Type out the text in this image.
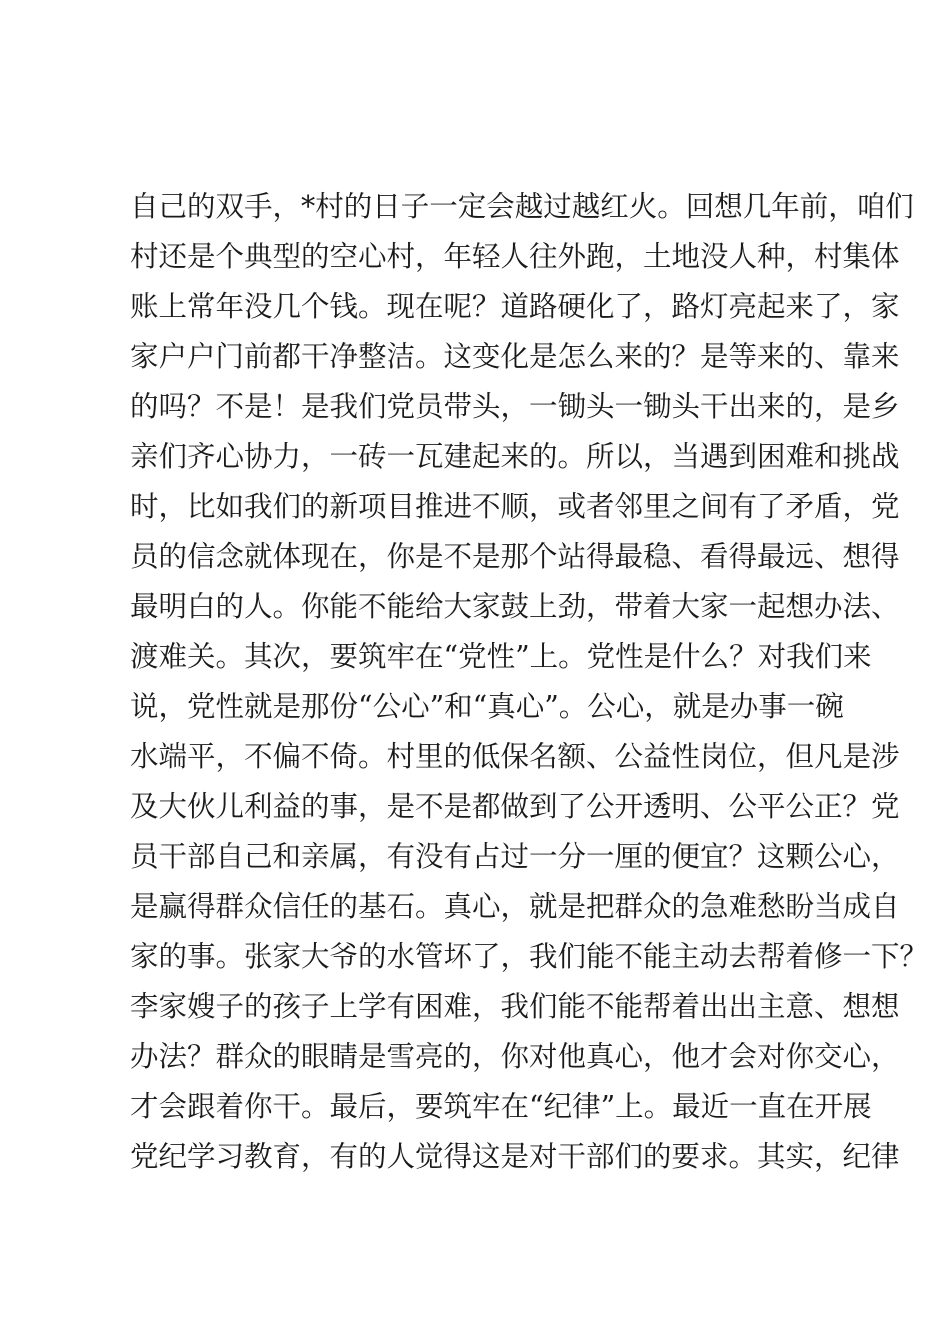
自己的双手，*村的日子一定会越过越红火。回想几年前，咱们

村还是个典型的空心村，年轻人往外跑，土地没人种，村集体

账上常年没几个钱。现在呢？道路硬化了，路灯亮起来了，家

家户户门前都干净整洁。这变化是怎么来的？是等来的、靠来

的吗？不是！是我们党员带头，一锄头一锄头干出来的，是乡

亲们齐心协力，一砖一瓦建起来的。所以，当遇到困难和挑战

时，比如我们的新项目推进不顺，或者邻里之间有了矛盾，党

员的信念就体现在，你是不是那个站得最稳、看得最远、想得

最明白的人。你能不能给大家鼓上劲，带着大家一起想办法、

渡难关。其次，要筑牢在“党性”上。党性是什么？对我们来

说，党性就是那份“公心”和“真心”。公心，就是办事一碗

水端平，不偏不倚。村里的低保名额、公益性岗位，但凡是涉

及大伙儿利益的事，是不是都做到了公开透明、公平公正？党

员干部自己和亲属，有没有占过一分一厘的便宜？这颗公心，

是赢得群众信任的基石。真心，就是把群众的急难愁盼当成自

家的事。张家大爷的水管坏了，我们能不能主动去帮着修一下？

李家嫂子的孩子上学有困难，我们能不能帮着出出主意、想想

办法？群众的眼睛是雪亮的，你对他真心，他才会对你交心，

才会跟着你干。最后，要筑牢在“纪律”上。最近一直在开展

党纪学习教育，有的人觉得这是对干部们的要求。其实，纪律
